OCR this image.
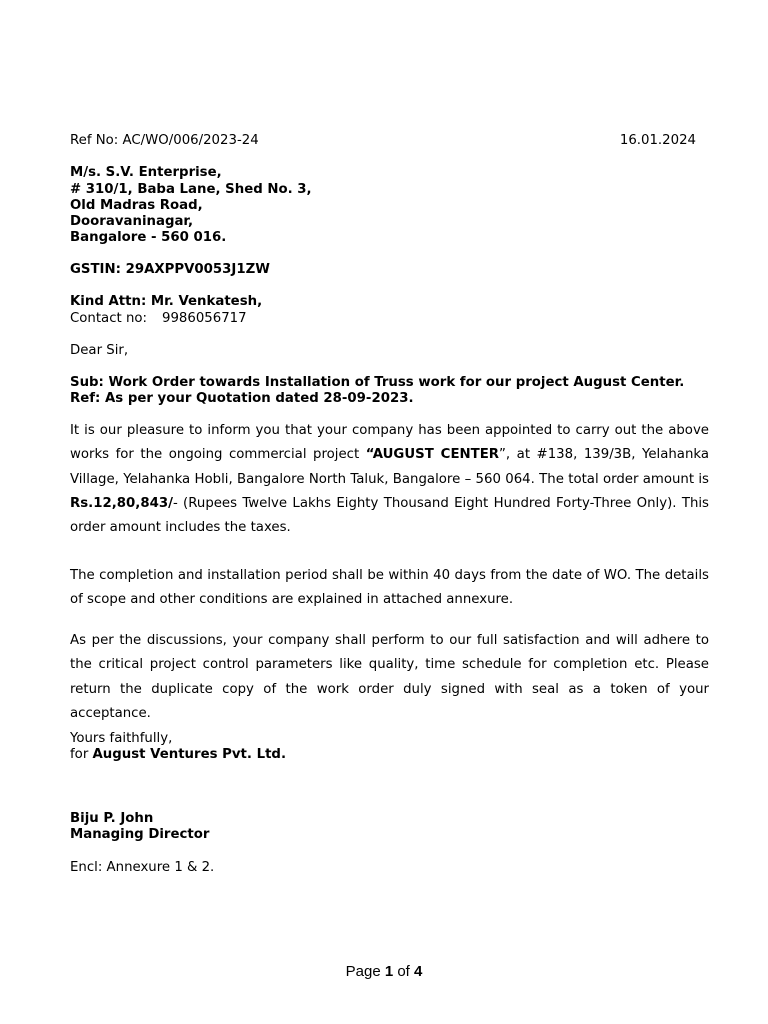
Ref No: AC/WO/006/2023-24	16.01.2024
M/s. S.V. Enterprise,
# 310/1, Baba Lane, Shed No. 3,
Old Madras Road,
Dooravaninagar,
Bangalore - 560 016.
GSTIN: 29AXPPV0053J1ZW
Kind Attn: Mr. Venkatesh,
Contact no: 9986056717
Dear Sir,
Sub: Work Order towards Installation of Truss work for our project August Center.
Ref: As per your Quotation dated 28-09-2023.
It is our pleasure to inform you that your company has been appointed to carry out the above works for the ongoing commercial project “AUGUST CENTER”, at #138, 139/3B, Yelahanka Village, Yelahanka Hobli, Bangalore North Taluk, Bangalore – 560 064. The total order amount is Rs.12,80,843/- (Rupees Twelve Lakhs Eighty Thousand Eight Hundred Forty-Three Only). This order amount includes the taxes.
The completion and installation period shall be within 40 days from the date of WO. The details of scope and other conditions are explained in attached annexure.
As per the discussions, your company shall perform to our full satisfaction and will adhere to the critical project control parameters like quality, time schedule for completion etc. Please return the duplicate copy of the work order duly signed with seal as a token of your acceptance.
Yours faithfully,
for August Ventures Pvt. Ltd.
Biju P. John
Managing Director
Encl: Annexure 1 & 2.
Page 1 of 4
